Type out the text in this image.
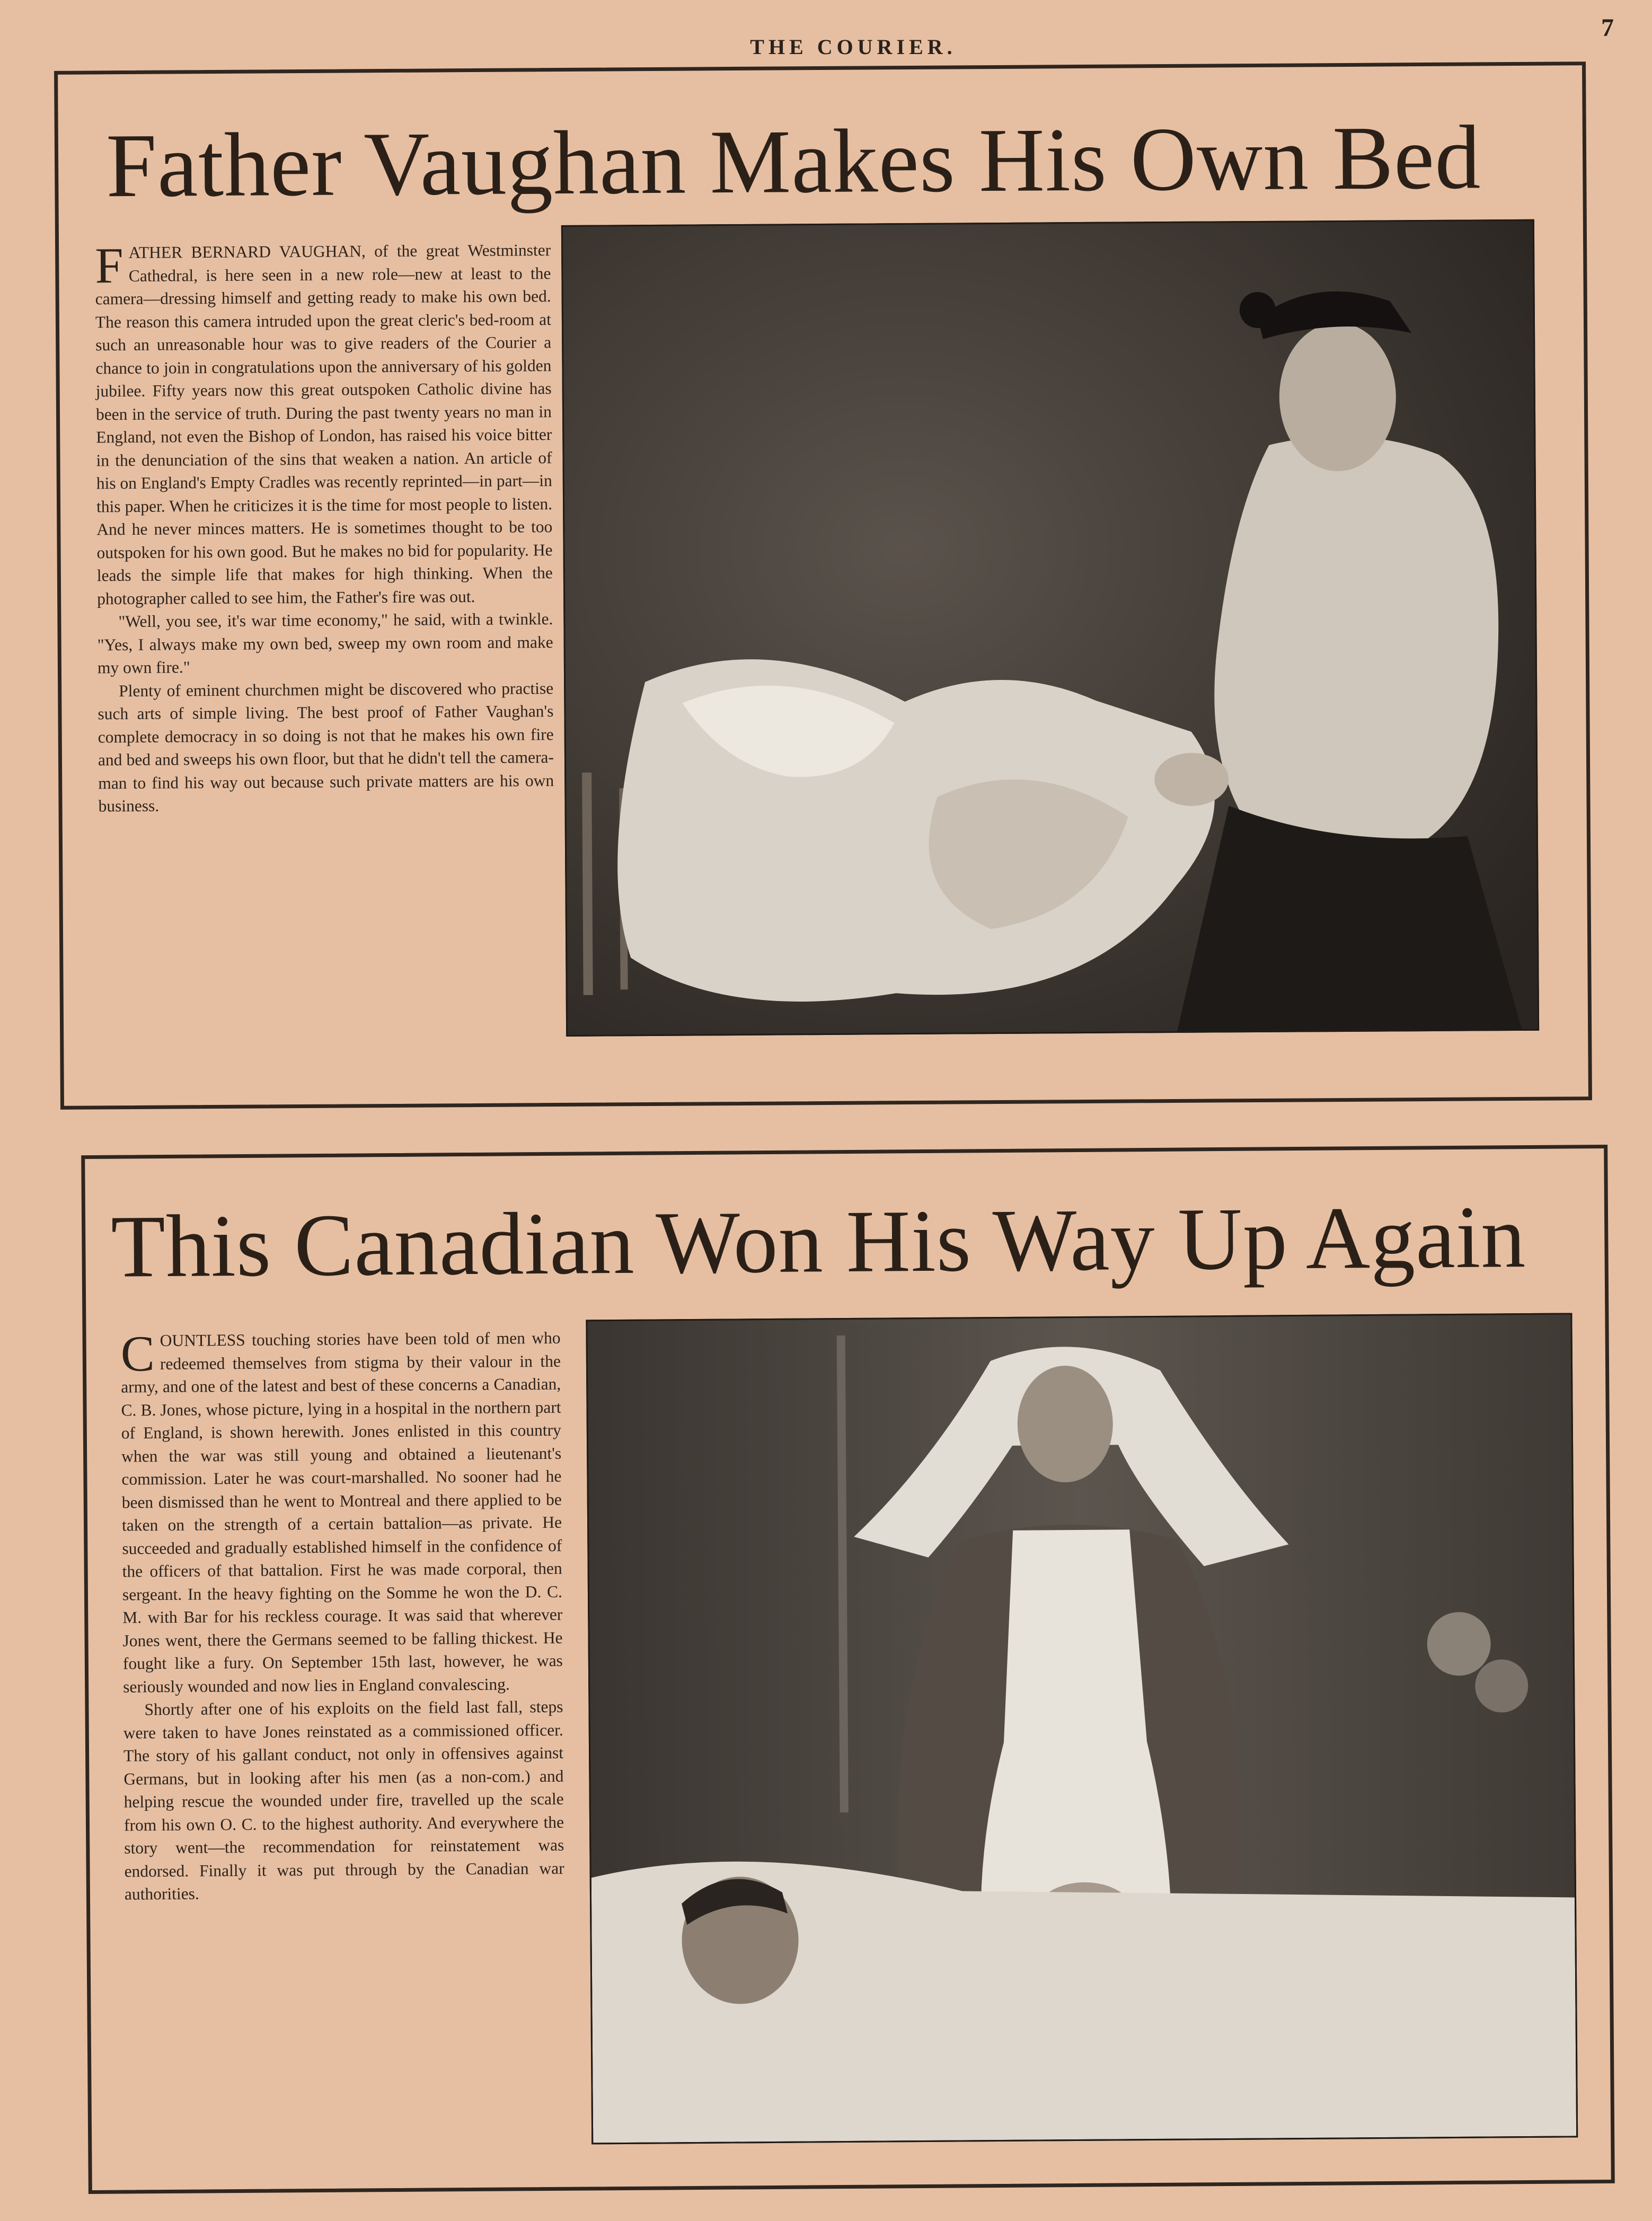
THE COURIER.
7
Father Vaughan Makes His Own Bed

FATHER BERNARD VAUGHAN, of the great Westminster Cathedral, is here seen in a new role—new at least to the camera—dressing himself and getting ready to make his own bed. The reason this camera intruded upon the great cleric's bed-room at such an unreasonable hour was to give readers of the Courier a chance to join in congratulations upon the anniversary of his golden jubilee. Fifty years now this great outspoken Catholic divine has been in the service of truth. During the past twenty years no man in England, not even the Bishop of London, has raised his voice bitter in the denunciation of the sins that weaken a nation. An article of his on England's Empty Cradles was recently reprinted—in part—in this paper. When he criticizes it is the time for most people to listen. And he never minces matters. He is sometimes thought to be too outspoken for his own good. But he makes no bid for popularity. He leads the simple life that makes for high thinking. When the photographer called to see him, the Father's fire was out.

"Well, you see, it's war time economy," he said, with a twinkle. "Yes, I always make my own bed, sweep my own room and make my own fire."

Plenty of eminent churchmen might be discovered who practise such arts of simple living. The best proof of Father Vaughan's complete democracy in so doing is not that he makes his own fire and bed and sweeps his own floor, but that he didn't tell the camera-man to find his way out because such private matters are his own business.

This Canadian Won His Way Up Again

COUNTLESS touching stories have been told of men who redeemed themselves from stigma by their valour in the army, and one of the latest and best of these concerns a Canadian, C. B. Jones, whose picture, lying in a hospital in the northern part of England, is shown herewith. Jones enlisted in this country when the war was still young and obtained a lieutenant's commission. Later he was court-marshalled. No sooner had he been dismissed than he went to Montreal and there applied to be taken on the strength of a certain battalion—as private. He succeeded and gradually established himself in the confidence of the officers of that battalion. First he was made corporal, then sergeant. In the heavy fighting on the Somme he won the D. C. M. with Bar for his reckless courage. It was said that wherever Jones went, there the Germans seemed to be falling thickest. He fought like a fury. On September 15th last, however, he was seriously wounded and now lies in England convalescing.

Shortly after one of his exploits on the field last fall, steps were taken to have Jones reinstated as a commissioned officer. The story of his gallant conduct, not only in offensives against Germans, but in looking after his men (as a non-com.) and helping rescue the wounded under fire, travelled up the scale from his own O. C. to the highest authority. And everywhere the story went—the recommendation for reinstatement was endorsed. Finally it was put through by the Canadian war authorities.
